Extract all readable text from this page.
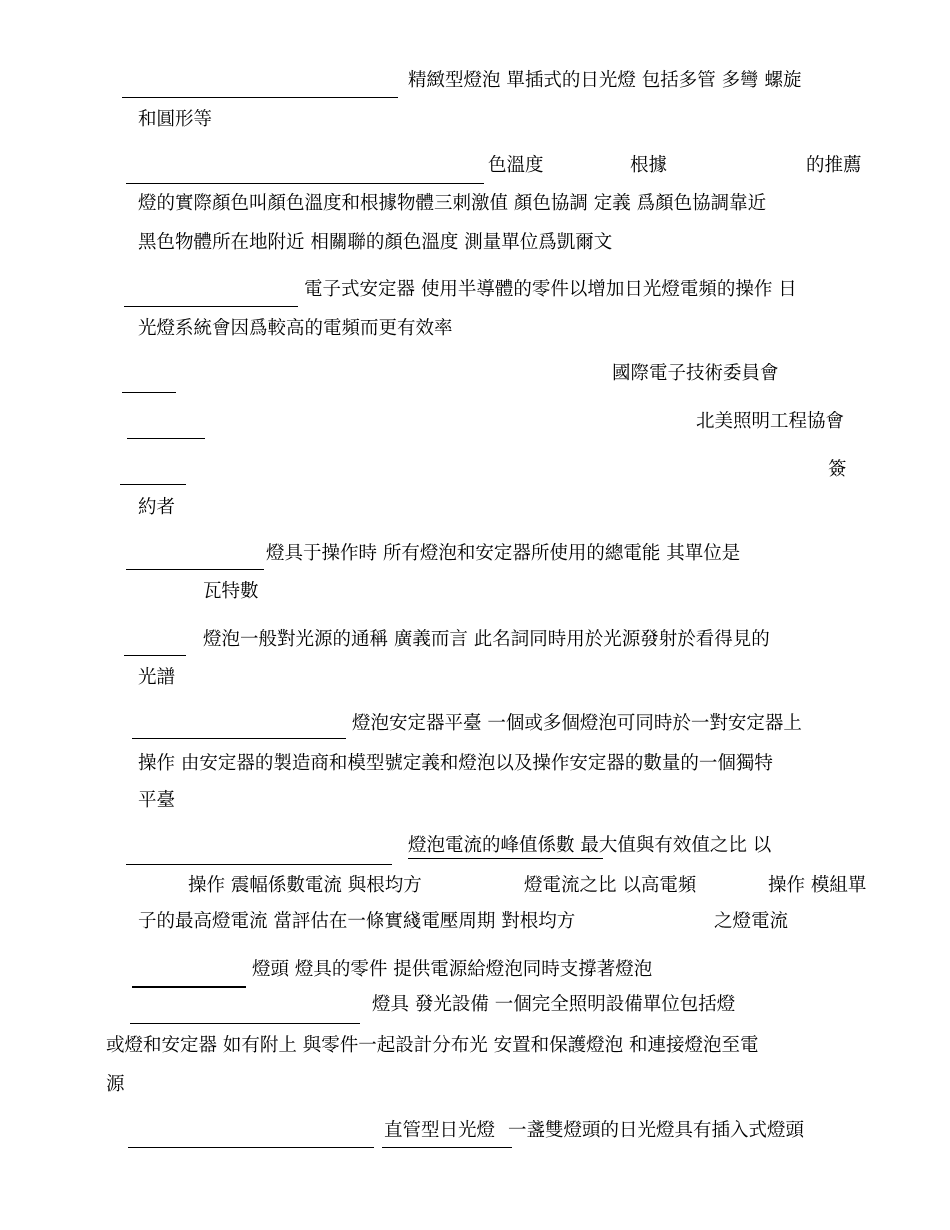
精緻型燈泡 單插式的日光燈 包括多管 多彎 螺旋
和圓形等
色溫度	根據	的推薦
燈的實際顏色叫顏色溫度和根據物體三刺激值 顏色協調 定義 爲顏色協調靠近
黑色物體所在地附近 相關聯的顏色溫度 測量單位爲凱爾文
電子式安定器 使用半導體的零件以增加日光燈電頻的操作 日
光燈系統會因爲較高的電頻而更有效率
國際電子技術委員會
北美照明工程協會
簽
約者
燈具于操作時 所有燈泡和安定器所使用的總電能 其單位是
瓦特數
燈泡一般對光源的通稱 廣義而言 此名詞同時用於光源發射於看得見的
光譜
燈泡安定器平臺 一個或多個燈泡可同時於一對安定器上
操作 由安定器的製造商和模型號定義和燈泡以及操作安定器的數量的一個獨特
平臺
燈泡電流的峰值係數 最大值與有效值之比 以
操作 震幅係數電流 與根均方	燈電流之比 以高電頻	操作 模組單
子的最高燈電流 當評估在一條實綫電壓周期 對根均方	之燈電流
燈頭 燈具的零件 提供電源給燈泡同時支撐著燈泡
燈具 發光設備 一個完全照明設備單位包括燈
或燈和安定器 如有附上 與零件一起設計分布光 安置和保護燈泡 和連接燈泡至電
源
直管型日光燈 一盞雙燈頭的日光燈具有插入式燈頭
